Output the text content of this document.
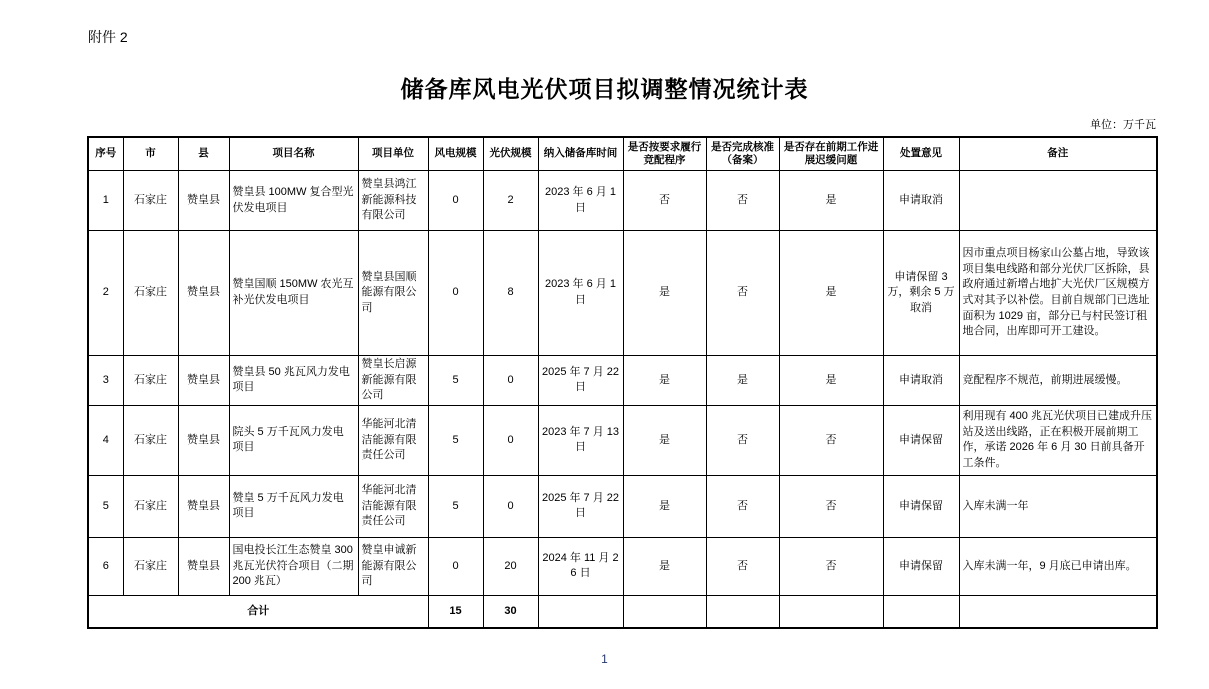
附件 2
储备库风电光伏项目拟调整情况统计表
单位：万千瓦
序号	市	县	项目名称	项目单位	风电规模	光伏规模	纳入储备库时间	是否按要求履行竞配程序	是否完成核准（备案）	是否存在前期工作进展迟缓问题	处置意见	备注
1	石家庄	赞皇县	赞皇县 100MW 复合型光伏发电项目	赞皇县鸿江新能源科技有限公司	0	2	2023 年 6 月 1 日	否	否	是	申请取消	
2	石家庄	赞皇县	赞皇国顺 150MW 农光互补光伏发电项目	赞皇县国顺能源有限公司	0	8	2023 年 6 月 1 日	是	否	是	申请保留 3 万，剩余 5 万取消	因市重点项目杨家山公墓占地，导致该项目集电线路和部分光伏厂区拆除，县政府通过新增占地扩大光伏厂区规模方式对其予以补偿。目前自规部门已选址面积为 1029 亩，部分已与村民签订租地合同，出库即可开工建设。
3	石家庄	赞皇县	赞皇县 50 兆瓦风力发电项目	赞皇长启源新能源有限公司	5	0	2025 年 7 月 22 日	是	是	是	申请取消	竞配程序不规范，前期进展缓慢。
4	石家庄	赞皇县	院头 5 万千瓦风力发电项目	华能河北清洁能源有限责任公司	5	0	2023 年 7 月 13 日	是	否	否	申请保留	利用现有 400 兆瓦光伏项目已建成升压站及送出线路，正在积极开展前期工作，承诺 2026 年 6 月 30 日前具备开工条件。
5	石家庄	赞皇县	赞皇 5 万千瓦风力发电项目	华能河北清洁能源有限责任公司	5	0	2025 年 7 月 22 日	是	否	否	申请保留	入库未满一年
6	石家庄	赞皇县	国电投长江生态赞皇 300 兆瓦光伏符合项目（二期 200 兆瓦）	赞皇申诚新能源有限公司	0	20	2024 年 11 月 26 日	是	否	否	申请保留	入库未满一年，9 月底已申请出库。
合计					15	30						
1
